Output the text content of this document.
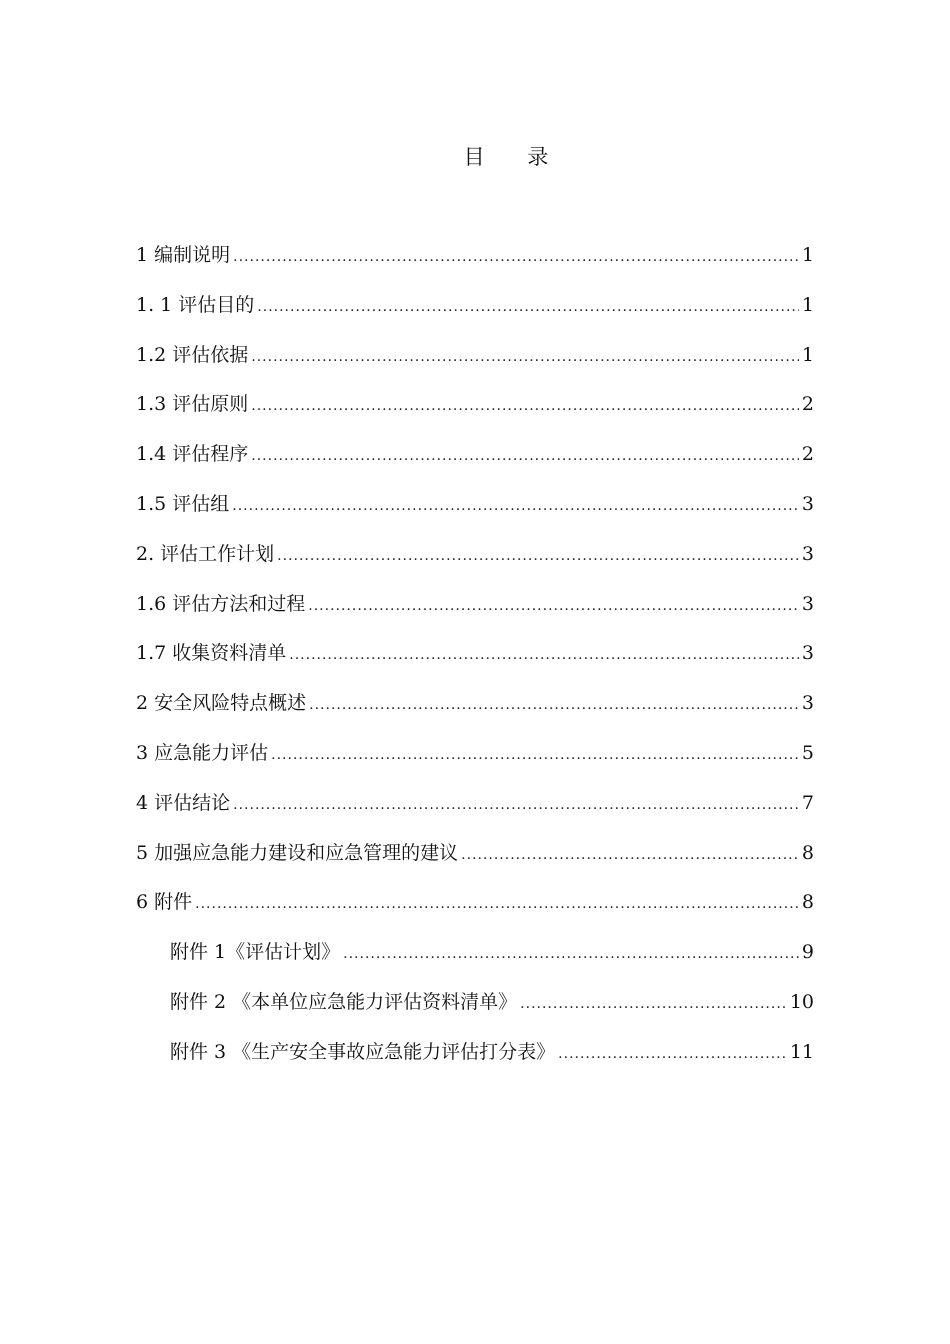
目 录
1 编制说明 .....	1
1. 1 评估目的 .....	1
1.2 评估依据 .....	1
1.3 评估原则 .....	2
1.4 评估程序 .....	2
1.5 评估组 .....	3
2. 评估工作计划 .....	3
1.6 评估方法和过程 .....	3
1.7 收集资料清单 .....	3
2 安全风险特点概述 .....	3
3 应急能力评估 .....	5
4 评估结论 .....	7
5 加强应急能力建设和应急管理的建议 .....	8
6 附件 .....	8
附件 1《评估计划》 .....	9
附件 2 《本单位应急能力评估资料清单》 .....	10
附件 3 《生产安全事故应急能力评估打分表》 .....	11
